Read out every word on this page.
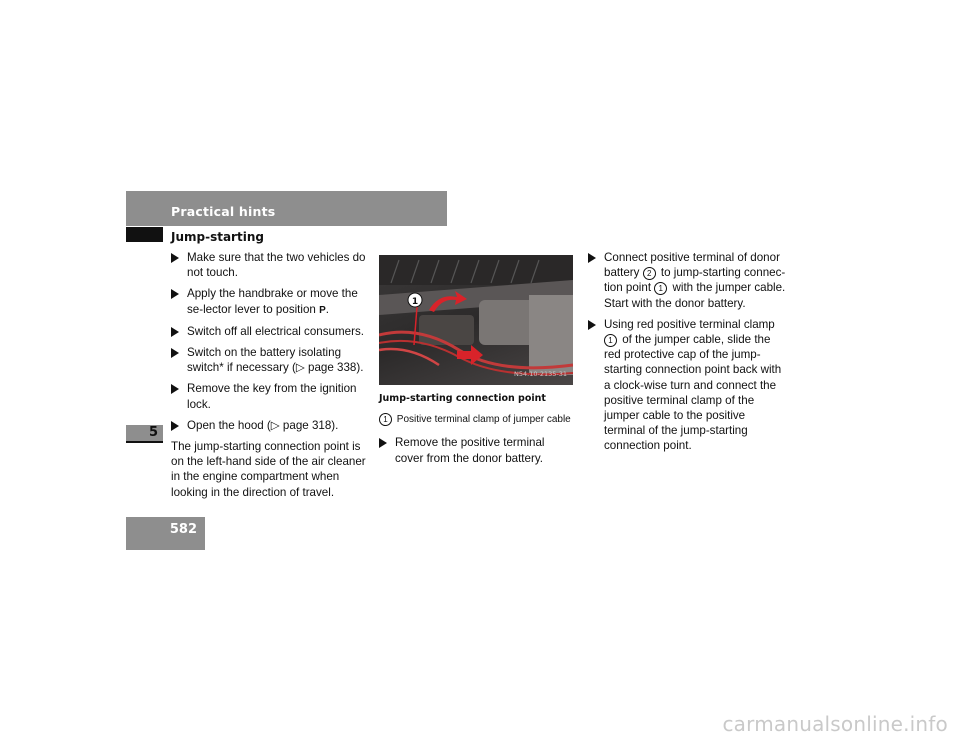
Practical hints
Jump-starting
5
582
Make sure that the two vehicles do not touch.
Apply the handbrake or move the se-lector lever to position P.
Switch off all electrical consumers.
Switch on the battery isolating switch* if necessary (▷ page 338).
Remove the key from the ignition lock.
Open the hood (▷ page 318).
The jump-starting connection point is on the left-hand side of the air cleaner in the engine compartment when looking in the direction of travel.
1
N54.10-2135-31
Jump-starting connection point
1 Positive terminal clamp of jumper cable
Remove the positive terminal cover from the donor battery.
Connect positive terminal of donor battery 2 to jump-starting connec-tion point 1 with the jumper cable. Start with the donor battery.
Using red positive terminal clamp 1 of the jumper cable, slide the red protective cap of the jump-starting connection point back with a clock-wise turn and connect the positive terminal clamp of the jumper cable to the positive terminal of the jump-starting connection point.
carmanualsonline.info
